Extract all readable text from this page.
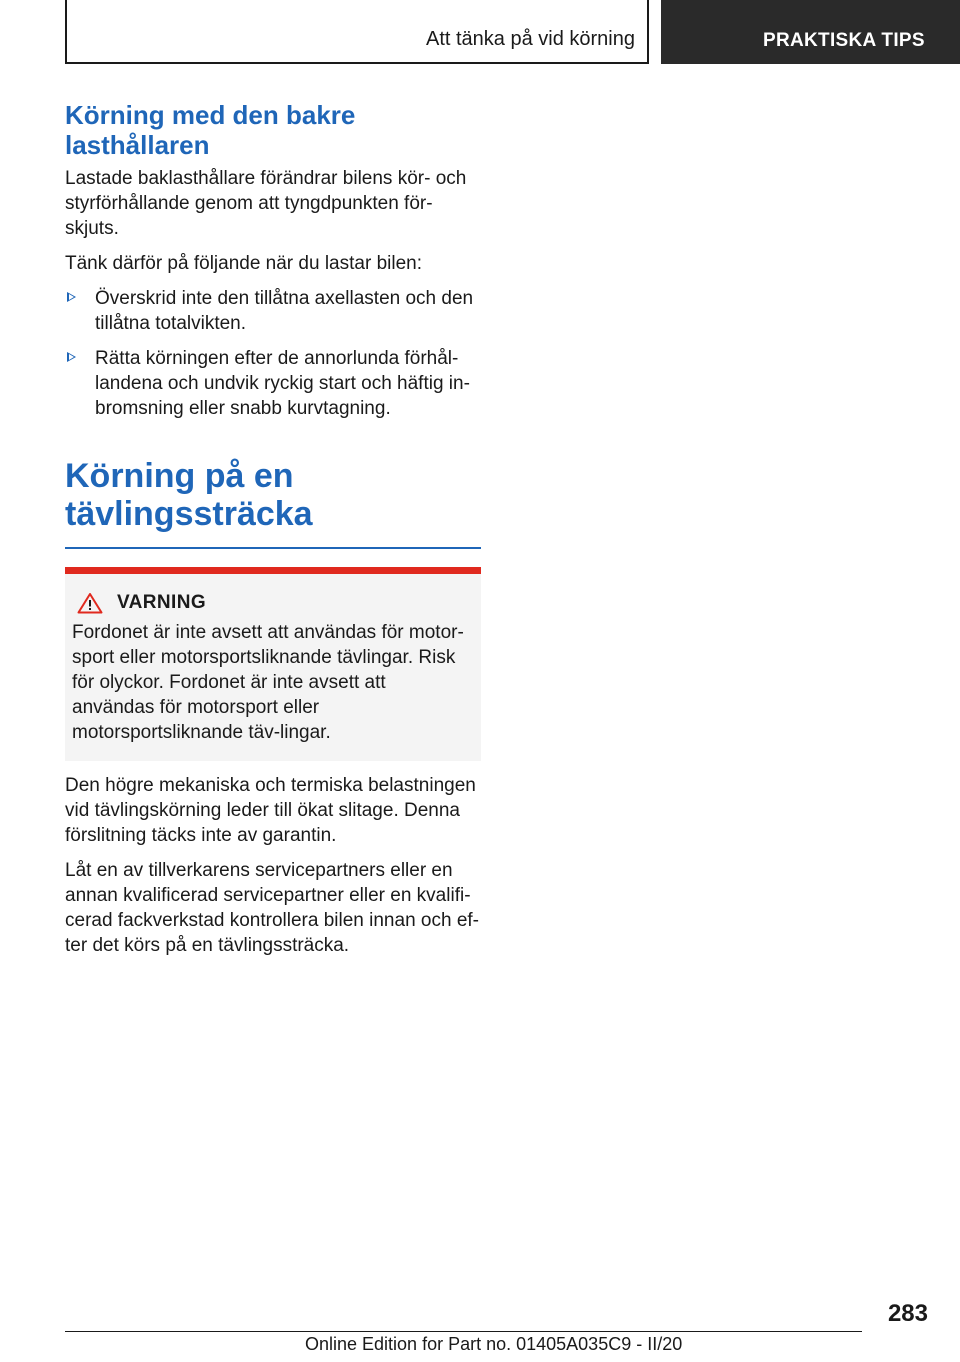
Att tänka på vid körning	PRAKTISKA TIPS
Körning med den bakre
lasthållaren

Lastade baklasthållare förändrar bilens kör- och styrförhållande genom att tyngdpunkten för-skjuts.

Tänk därför på följande när du lastar bilen:

Överskrid inte den tillåtna axellasten och den tillåtna totalvikten.
Rätta körningen efter de annorlunda förhål-landena och undvik ryckig start och häftig in-bromsning eller snabb kurvtagning.
Körning på en
tävlingssträcka
VARNING

Fordonet är inte avsett att användas för motor-sport eller motorsportsliknande tävlingar. Risk för olyckor. Fordonet är inte avsett att användas för motorsport eller motorsportsliknande täv-lingar.

Den högre mekaniska och termiska belastningen vid tävlingskörning leder till ökat slitage. Denna förslitning täcks inte av garantin.

Låt en av tillverkarens servicepartners eller en annan kvalificerad servicepartner eller en kvalifi-cerad fackverkstad kontrollera bilen innan och ef-ter det körs på en tävlingssträcka.

283
Online Edition for Part no. 01405A035C9 - II/20
